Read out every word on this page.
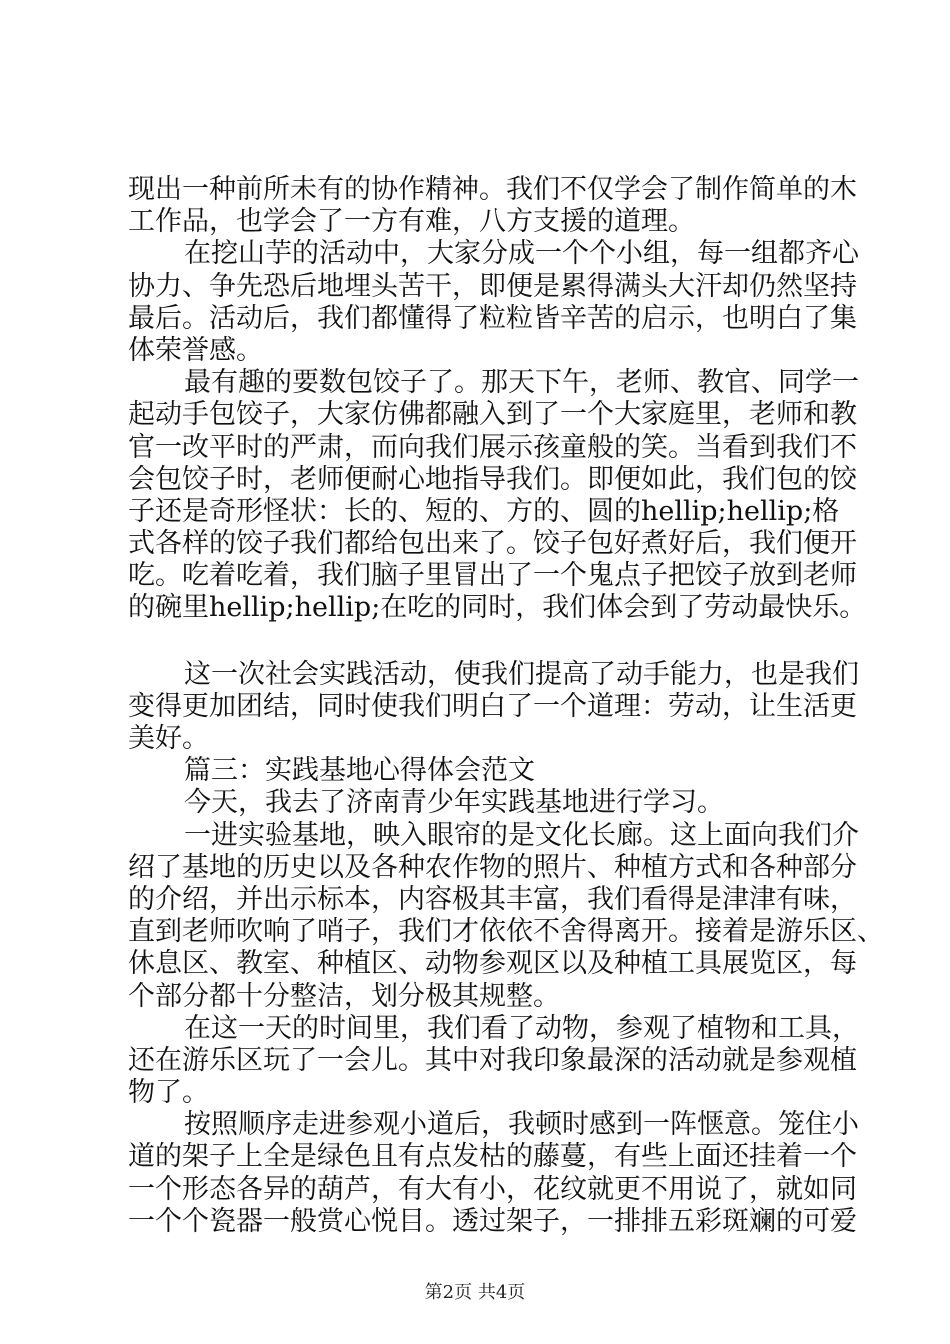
现出一种前所未有的协作精神。我们不仅学会了制作简单的木
工作品，也学会了一方有难，八方支援的道理。
在挖山芋的活动中，大家分成一个个小组，每一组都齐心
协力、争先恐后地埋头苦干，即便是累得满头大汗却仍然坚持
最后。活动后，我们都懂得了粒粒皆辛苦的启示，也明白了集
体荣誉感。
最有趣的要数包饺子了。那天下午，老师、教官、同学一
起动手包饺子，大家仿佛都融入到了一个大家庭里，老师和教
官一改平时的严肃，而向我们展示孩童般的笑。当看到我们不
会包饺子时，老师便耐心地指导我们。即便如此，我们包的饺
子还是奇形怪状：长的、短的、方的、圆的hellip;hellip;格
式各样的饺子我们都给包出来了。饺子包好煮好后，我们便开
吃。吃着吃着，我们脑子里冒出了一个鬼点子把饺子放到老师
的碗里hellip;hellip;在吃的同时，我们体会到了劳动最快乐。
这一次社会实践活动，使我们提高了动手能力，也是我们
变得更加团结，同时使我们明白了一个道理：劳动，让生活更
美好。
篇三：实践基地心得体会范文
今天，我去了济南青少年实践基地进行学习。
一进实验基地，映入眼帘的是文化长廊。这上面向我们介
绍了基地的历史以及各种农作物的照片、种植方式和各种部分
的介绍，并出示标本，内容极其丰富，我们看得是津津有味，
直到老师吹响了哨子，我们才依依不舍得离开。接着是游乐区、
休息区、教室、种植区、动物参观区以及种植工具展览区，每
个部分都十分整洁，划分极其规整。
在这一天的时间里，我们看了动物，参观了植物和工具，
还在游乐区玩了一会儿。其中对我印象最深的活动就是参观植
物了。
按照顺序走进参观小道后，我顿时感到一阵惬意。笼住小
道的架子上全是绿色且有点发枯的藤蔓，有些上面还挂着一个
一个形态各异的葫芦，有大有小，花纹就更不用说了，就如同
一个个瓷器一般赏心悦目。透过架子，一排排五彩斑斓的可爱
第2页 共4页
